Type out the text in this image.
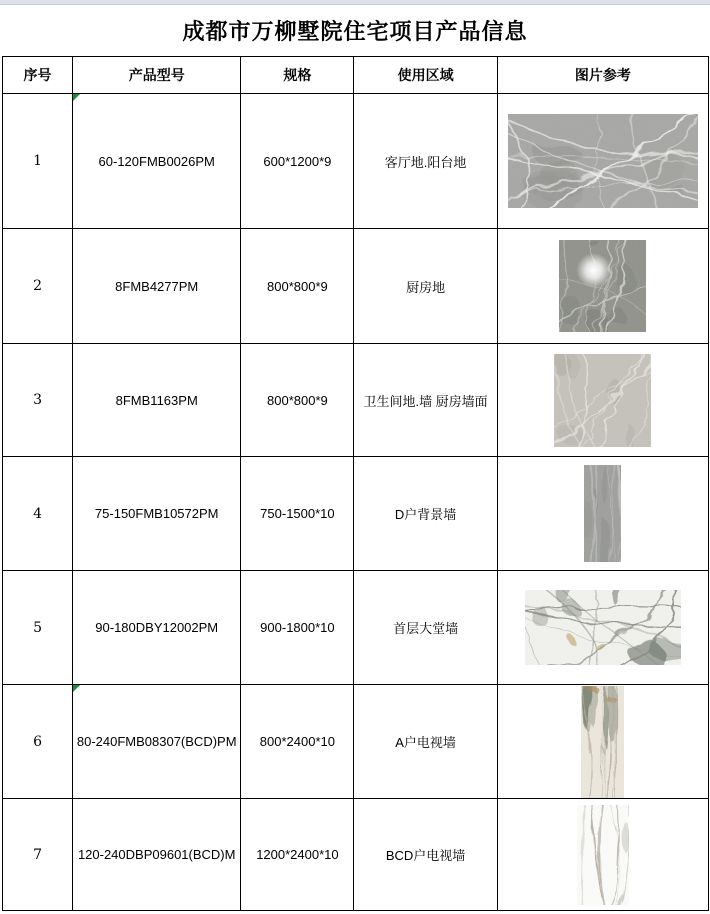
成都市万柳墅院住宅项目产品信息
序号	产品型号	规格	使用区域	图片参考
1	60-120FMB0026PM	600*1200*9	客厅地.阳台地	
2	8FMB4277PM	800*800*9	厨房地	
3	8FMB1163PM	800*800*9	卫生间地.墙 厨房墙面	
4	75-150FMB10572PM	750-1500*10	D户背景墙	
5	90-180DBY12002PM	900-1800*10	首层大堂墙	
6	80-240FMB08307(BCD)PM	800*2400*10	A户电视墙	
7	120-240DBP09601(BCD)M	1200*2400*10	BCD户电视墙	
